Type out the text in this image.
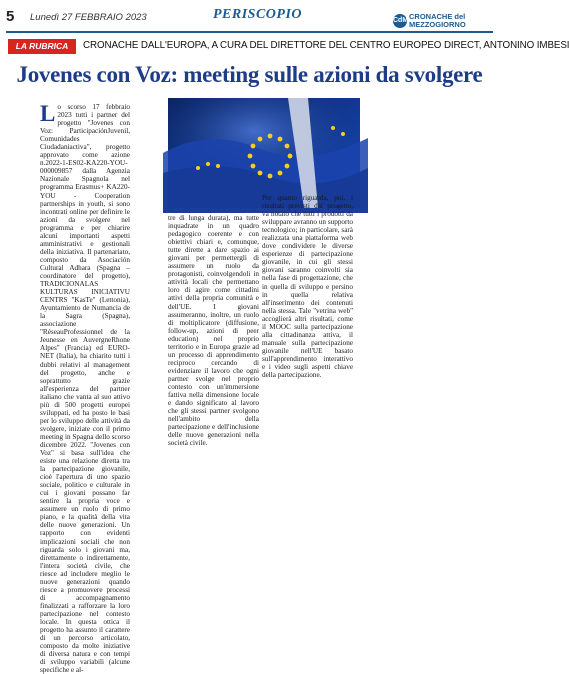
5 Lunedì 27 FEBBRAIO 2023	PERISCOPIO	CdM CRONACHE del
MEZZOGIORNO
LA RUBRICA	CRONACHE DALL'EUROPA, A CURA DEL DIRETTORE DEL CENTRO EUROPEO DIRECT, ANTONINO IMBESI
Jovenes con Voz: meeting sulle azioni da svolgere

Lo scorso 17 febbraio 2023 tutti i partner del progetto "Jovenes con Voz: ParticipaciónJuvenil, Comunidades Ciudadaniactiva", progetto approvato come azione n.2022-1-ES02-KA220-YOU-000009857 dalla Agenzia Nazionale Spagnola nel programma Erasmus+ KA220-YOU - Cooperation partnerships in youth, si sono incontrati online per definire le azioni da svolgere nel programma e per chiarire alcuni importanti aspetti amministrativi e gestionali della iniziativa. Il partenariato, composto da Asociación Cultural Adhara (Spagna – coordinatore del progetto), TRADICIONALAS KULTURAS INICIATIVU CENTRS "KasTe" (Lettonia), Ayuntamiento de Numancia de la Sagra (Spagna), associazione "RéseauProfessionnel de la Jeunesse en AuvergneRhone Alpes" (Francia) ed EURO-NET (Italia), ha chiarito tutti i dubbi relativi al management del progetto, anche e soprattutto grazie all'esperienza del partner italiano che vanta al suo attivo più di 500 progetti europei sviluppati, ed ha posto le basi per lo sviluppo delle attività da svolgere, iniziate con il primo meeting in Spagna dello scorso dicembre 2022. "Jovenes con Voz" si basa sull'idea che esiste una relazione diretta tra la partecipazione giovanile, cioè l'apertura di uno spazio sociale, politico e culturale in cui i giovani possano far sentire la propria voce e assumere un ruolo di primo piano, e la qualità della vita delle nuove generazioni. Un rapporto con evidenti implicazioni sociali che non riguarda solo i giovani ma, direttamente o indirettamente, l'intera società civile, che riesce ad includere meglio le nuove generazioni quando riesce a promuovere processi di accompagnamento finalizzati a rafforzare la loro partecipazione nel contesto locale. In questa ottica il progetto ha assunto il carattere di un percorso articolato, composto da molte iniziative di diversa natura e con tempi di sviluppo variabili (alcune specifiche e al-

tre di lunga durata), ma tutte inquadrate in un quadro pedagogico coerente e con obiettivi chiari e, comunque, tutte dirette a dare spazio ai giovani per permettergli di assumere un ruolo da protagonisti, coinvolgendoli in attività locali che permettano loro di agire come cittadini attivi della propria comunità e dell'UE. I giovani assumeranno, inoltre, un ruolo di moltiplicatore (diffusione, follow-up, azioni di peer education) nel proprio territorio e in Europa grazie ad un processo di apprendimento reciproco cercando di evidenziare il lavoro che ogni partner svolge nel proprio contesto con un'immersione fattiva nella dimensione locale e dando significato al lavoro che gli stessi partner svolgono nell'ambito della partecipazione e dell'inclusione delle nuove generazioni nella società civile.

Per quanto riguarda, poi, i risultati previsti dal progetto, va notato che tutti i prodotti da sviluppare avranno un supporto tecnologico; in particolare, sarà realizzata una piattaforma web dove condividere le diverse esperienze di partecipazione giovanile, in cui gli stessi giovani saranno coinvolti sia nella fase di progettazione, che in quella di sviluppo e persino in quella relativa all'inserimento dei contenuti nella stessa. Tale "vetrina web" accoglierà altri risultati, come il MOOC sulla partecipazione alla cittadinanza attiva, il manuale sulla partecipazione giovanile nell'UE basato sull'apprendimento interattivo e i video sugli aspetti chiave della partecipazione.
